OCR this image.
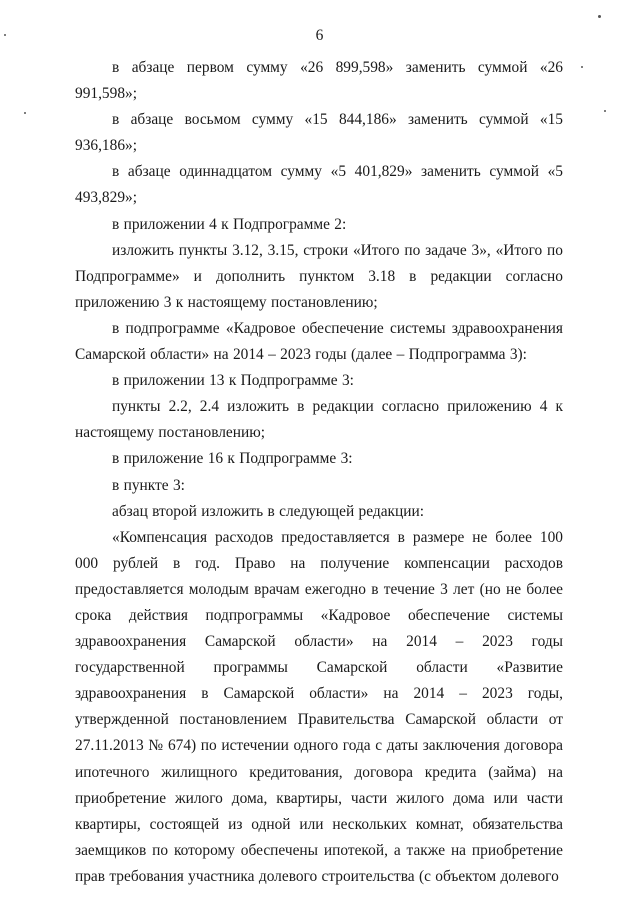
6

в абзаце первом сумму «26 899,598» заменить суммой «26 991,598»;

в абзаце восьмом сумму «15 844,186» заменить суммой «15 936,186»;

в абзаце одиннадцатом сумму «5 401,829» заменить суммой «5 493,829»;

в приложении 4 к Подпрограмме 2:

изложить пункты 3.12, 3.15, строки «Итого по задаче 3», «Итого по Подпрограмме» и дополнить пунктом 3.18 в редакции согласно приложению 3 к настоящему постановлению;

в подпрограмме «Кадровое обеспечение системы здравоохранения Самарской области» на 2014 – 2023 годы (далее – Подпрограмма 3):

в приложении 13 к Подпрограмме 3:

пункты 2.2, 2.4 изложить в редакции согласно приложению 4 к настоящему постановлению;

в приложение 16 к Подпрограмме 3:

в пункте 3:

абзац второй изложить в следующей редакции:

«Компенсация расходов предоставляется в размере не более 100 000 рублей в год. Право на получение компенсации расходов предоставляется молодым врачам ежегодно в течение 3 лет (но не более срока действия подпрограммы «Кадровое обеспечение системы здравоохранения Самарской области» на 2014 – 2023 годы государственной программы Самарской области «Развитие здравоохранения в Самарской области» на 2014 – 2023 годы, утвержденной постановлением Правительства Самарской области от 27.11.2013 № 674) по истечении одного года с даты заключения договора ипотечного жилищного кредитования, договора кредита (займа) на приобретение жилого дома, квартиры, части жилого дома или части квартиры, состоящей из одной или нескольких комнат, обязательства заемщиков по которому обеспечены ипотекой, а также на приобретение прав требования участника долевого строительства (с объектом долевого
